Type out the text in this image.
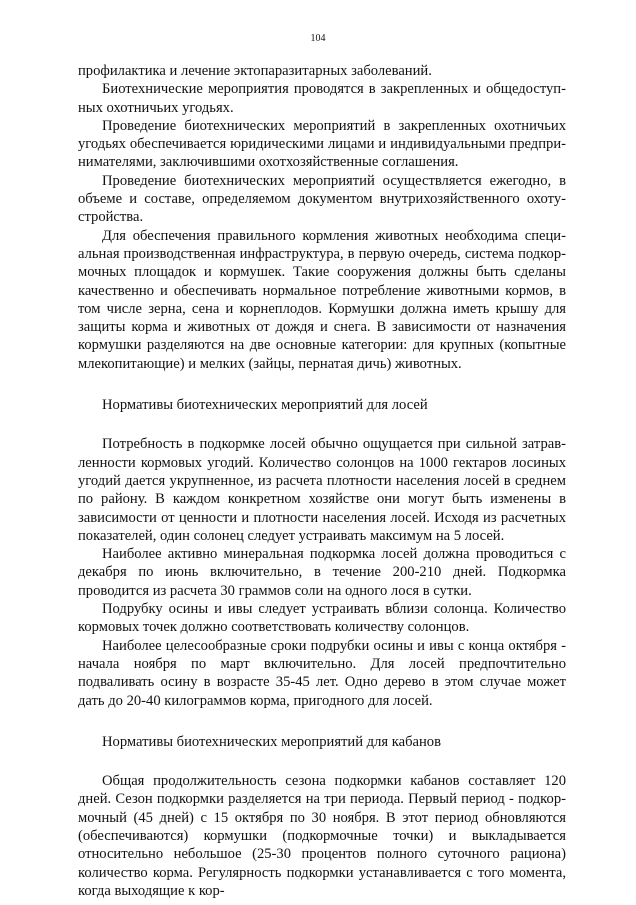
104

профилактика и лечение эктопаразитарных заболеваний.

Биотехнические мероприятия проводятся в закрепленных и общедоступных охотничьих угодьях.

Проведение биотехнических мероприятий в закрепленных охотничьих угодьях обеспечивается юридическими лицами и индивидуальными предпринимателями, заключившими охотхозяйственные соглашения.

Проведение биотехнических мероприятий осуществляется ежегодно, в объеме и составе, определяемом документом внутрихозяйственного охотустройства.

Для обеспечения правильного кормления животных необходима специальная производственная инфраструктура, в первую очередь, система подкормочных площадок и кормушек. Такие сооружения должны быть сделаны качественно и обеспечивать нормальное потребление животными кормов, в том числе зерна, сена и корнеплодов. Кормушки должна иметь крышу для защиты корма и животных от дождя и снега. В зависимости от назначения кормушки разделяются на две основные категории: для крупных (копытные млекопитающие) и мелких (зайцы, пернатая дичь) животных.

Нормативы биотехнических мероприятий для лосей

Потребность в подкормке лосей обычно ощущается при сильной затравленности кормовых угодий. Количество солонцов на 1000 гектаров лосиных угодий дается укрупненное, из расчета плотности населения лосей в среднем по району. В каждом конкретном хозяйстве они могут быть изменены в зависимости от ценности и плотности населения лосей. Исходя из расчетных показателей, один солонец следует устраивать максимум на 5 лосей.

Наиболее активно минеральная подкормка лосей должна проводиться с декабря по июнь включительно, в течение 200-210 дней. Подкормка проводится из расчета 30 граммов соли на одного лося в сутки.

Подрубку осины и ивы следует устраивать вблизи солонца. Количество кормовых точек должно соответствовать количеству солонцов.

Наиболее целесообразные сроки подрубки осины и ивы с конца октября - начала ноября по март включительно. Для лосей предпочтительно подваливать осину в возрасте 35-45 лет. Одно дерево в этом случае может дать до 20-40 килограммов корма, пригодного для лосей.

Нормативы биотехнических мероприятий для кабанов

Общая продолжительность сезона подкормки кабанов составляет 120 дней. Сезон подкормки разделяется на три периода. Первый период - подкормочный (45 дней) с 15 октября по 30 ноября. В этот период обновляются (обеспечиваются) кормушки (подкормочные точки) и выкладывается относительно небольшое (25-30 процентов полного суточного рациона) количество корма. Регулярность подкормки устанавливается с того момента, когда выходящие к кор-
